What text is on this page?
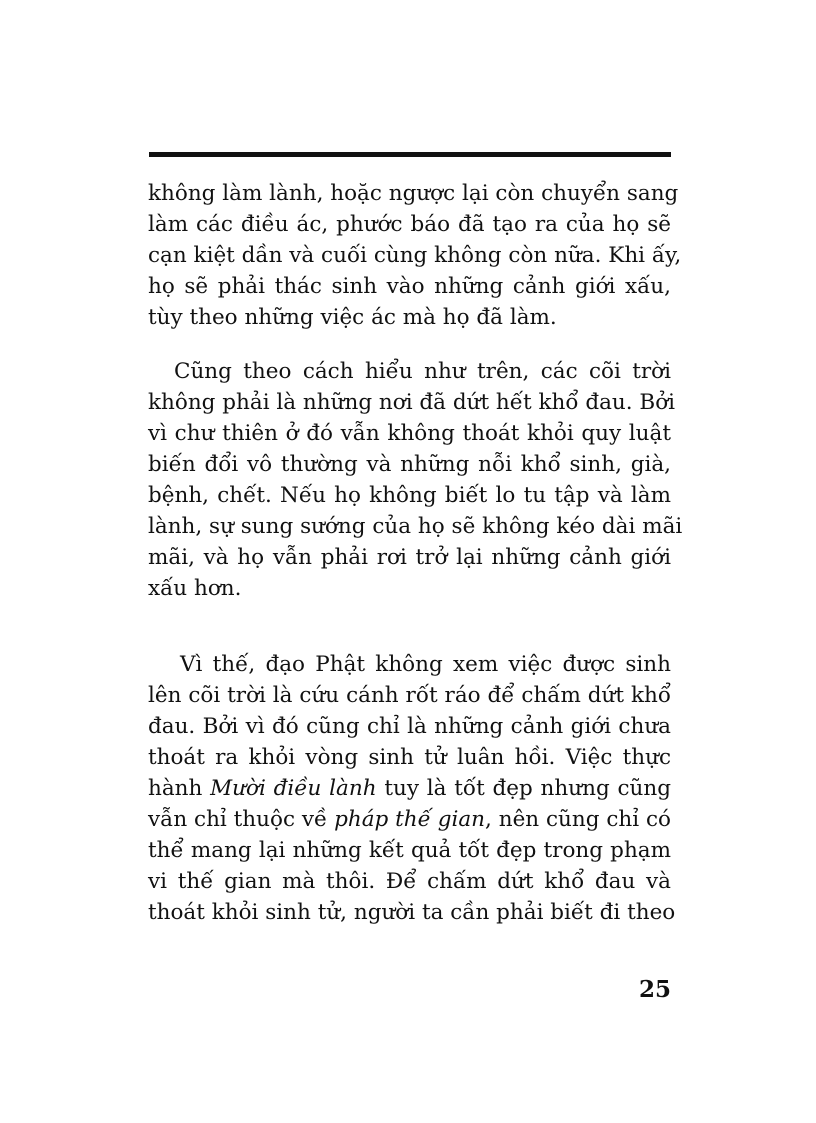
không làm lành, hoặc ngược lại còn chuyển sang
làm các điều ác, phước báo đã tạo ra của họ sẽ
cạn kiệt dần và cuối cùng không còn nữa. Khi ấy,
họ sẽ phải thác sinh vào những cảnh giới xấu,
tùy theo những việc ác mà họ đã làm.
Cũng theo cách hiểu như trên, các cõi trời
không phải là những nơi đã dứt hết khổ đau. Bởi
vì chư thiên ở đó vẫn không thoát khỏi quy luật
biến đổi vô thường và những nỗi khổ sinh, già,
bệnh, chết. Nếu họ không biết lo tu tập và làm
lành, sự sung sướng của họ sẽ không kéo dài mãi
mãi, và họ vẫn phải rơi trở lại những cảnh giới
xấu hơn.
Vì thế, đạo Phật không xem việc được sinh
lên cõi trời là cứu cánh rốt ráo để chấm dứt khổ
đau. Bởi vì đó cũng chỉ là những cảnh giới chưa
thoát ra khỏi vòng sinh tử luân hồi. Việc thực
hành Mười điều lành tuy là tốt đẹp nhưng cũng
vẫn chỉ thuộc về pháp thế gian, nên cũng chỉ có
thể mang lại những kết quả tốt đẹp trong phạm
vi thế gian mà thôi. Để chấm dứt khổ đau và
thoát khỏi sinh tử, người ta cần phải biết đi theo
25
